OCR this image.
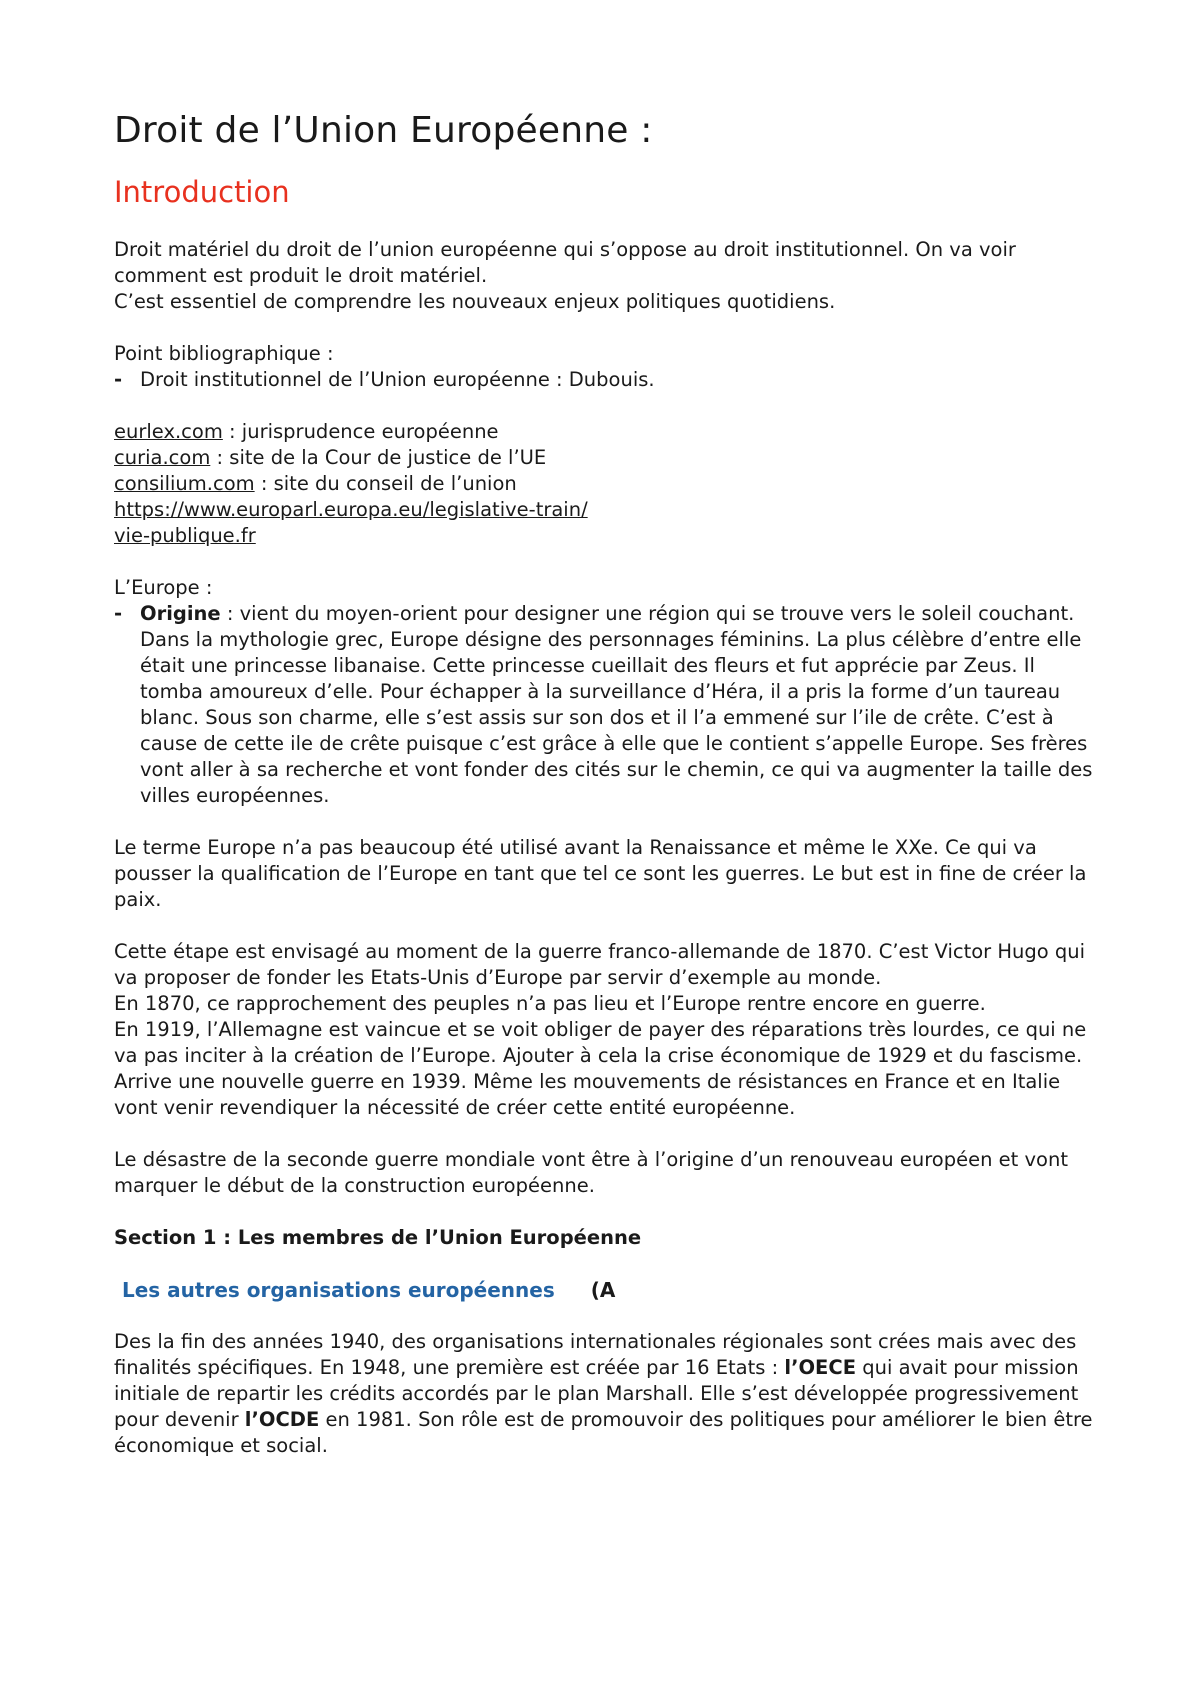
Droit de l’Union Européenne :
Introduction

Droit matériel du droit de l’union européenne qui s’oppose au droit institutionnel. On va voir comment est produit le droit matériel.

C’est essentiel de comprendre les nouveaux enjeux politiques quotidiens.

Point bibliographique :

- Droit institutionnel de l’Union européenne : Dubouis.
eurlex.com : jurisprudence européenne
curia.com : site de la Cour de justice de l’UE
consilium.com : site du conseil de l’union
https://www.europarl.europa.eu/legislative-train/
vie-publique.fr

L’Europe :

- Origine : vient du moyen-orient pour designer une région qui se trouve vers le soleil couchant. Dans la mythologie grec, Europe désigne des personnages féminins. La plus célèbre d’entre elle était une princesse libanaise. Cette princesse cueillait des fleurs et fut apprécie par Zeus. Il tomba amoureux d’elle. Pour échapper à la surveillance d’Héra, il a pris la forme d’un taureau blanc. Sous son charme, elle s’est assis sur son dos et il l’a emmené sur l’ile de crête. C’est à cause de cette ile de crête puisque c’est grâce à elle que le contient s’appelle Europe. Ses frères vont aller à sa recherche et vont fonder des cités sur le chemin, ce qui va augmenter la taille des villes européennes.

Le terme Europe n’a pas beaucoup été utilisé avant la Renaissance et même le XXe. Ce qui va pousser la qualification de l’Europe en tant que tel ce sont les guerres. Le but est in fine de créer la paix.

Cette étape est envisagé au moment de la guerre franco-allemande de 1870. C’est Victor Hugo qui va proposer de fonder les Etats-Unis d’Europe par servir d’exemple au monde.

En 1870, ce rapprochement des peuples n’a pas lieu et l’Europe rentre encore en guerre.

En 1919, l’Allemagne est vaincue et se voit obliger de payer des réparations très lourdes, ce qui ne va pas inciter à la création de l’Europe. Ajouter à cela la crise économique de 1929 et du fascisme.

Arrive une nouvelle guerre en 1939. Même les mouvements de résistances en France et en Italie vont venir revendiquer la nécessité de créer cette entité européenne.

Le désastre de la seconde guerre mondiale vont être à l’origine d’un renouveau européen et vont marquer le début de la construction européenne.

Section 1 : Les membres de l’Union Européenne
Les autres organisations européennes (A

Des la fin des années 1940, des organisations internationales régionales sont crées mais avec des finalités spécifiques. En 1948, une première est créée par 16 Etats : l’OECE qui avait pour mission initiale de repartir les crédits accordés par le plan Marshall. Elle s’est développée progressivement pour devenir l’OCDE en 1981. Son rôle est de promouvoir des politiques pour améliorer le bien être économique et social.
